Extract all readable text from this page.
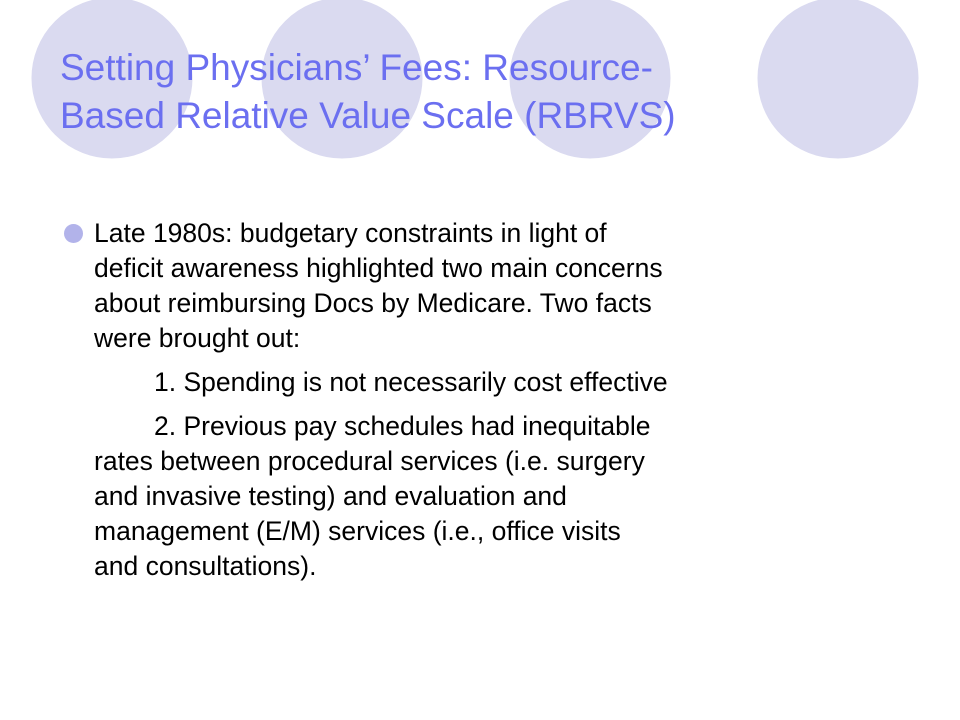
Setting Physicians’ Fees: Resource-
Based Relative Value Scale (RBRVS)

Late 1980s: budgetary constraints in light of
deficit awareness highlighted two main concerns
about reimbursing Docs by Medicare. Two facts
were brought out:

1. Spending is not necessarily cost effective

2. Previous pay schedules had inequitable
rates between procedural services (i.e. surgery
and invasive testing) and evaluation and
management (E/M) services (i.e., office visits
and consultations).
